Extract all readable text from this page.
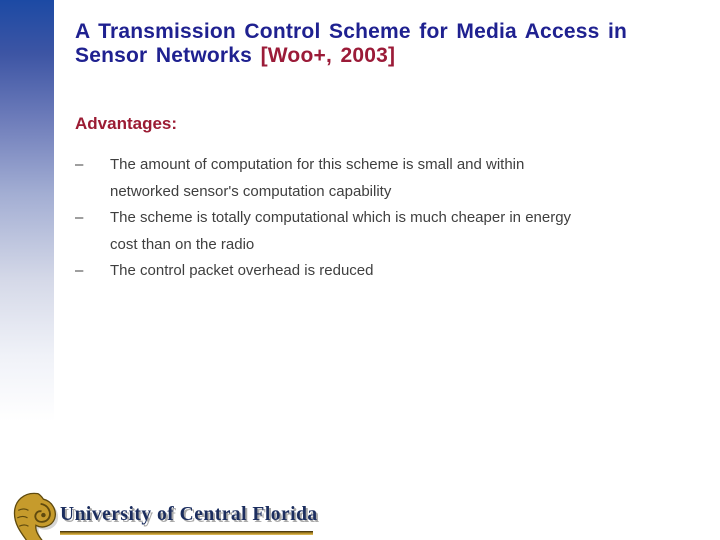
A Transmission Control Scheme for Media Access in
Sensor Networks [Woo+, 2003]
Advantages:
–	The amount of computation for this scheme is small and within
networked sensor's computation capability
–	The scheme is totally computational which is much cheaper in energy
cost than on the radio
–	The control packet overhead is reduced
University of Central Florida
